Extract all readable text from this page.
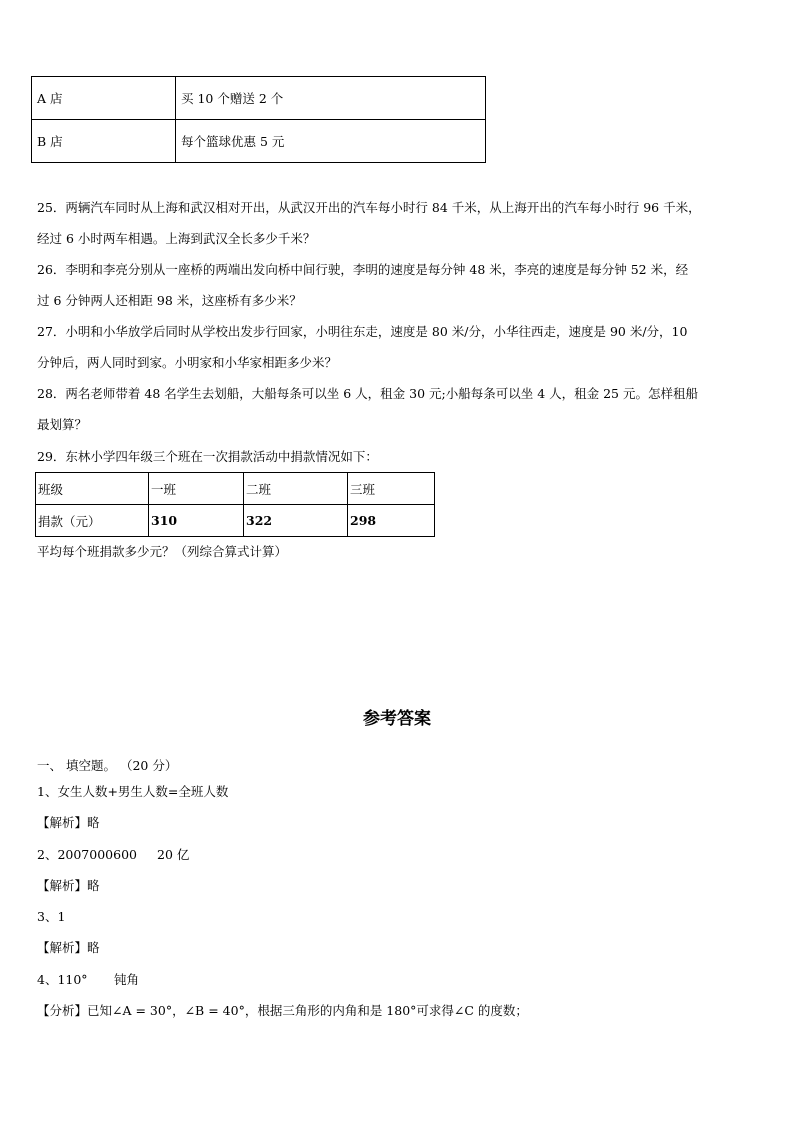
A 店	买 10 个赠送 2 个
B 店	每个篮球优惠 5 元
25．两辆汽车同时从上海和武汉相对开出，从武汉开出的汽车每小时行 84 千米，从上海开出的汽车每小时行 96 千米，
经过 6 小时两车相遇。上海到武汉全长多少千米？
26．李明和李亮分别从一座桥的两端出发向桥中间行驶，李明的速度是每分钟 48 米，李亮的速度是每分钟 52 米，经
过 6 分钟两人还相距 98 米，这座桥有多少米？
27．小明和小华放学后同时从学校出发步行回家，小明往东走，速度是 80 米/分，小华往西走，速度是 90 米/分，10
分钟后，两人同时到家。小明家和小华家相距多少米？
28．两名老师带着 48 名学生去划船，大船每条可以坐 6 人，租金 30 元;小船每条可以坐 4 人，租金 25 元。怎样租船
最划算？
29．东林小学四年级三个班在一次捐款活动中捐款情况如下：
班级	一班	二班	三班
捐款（元）	310	322	298
平均每个班捐款多少元？（列综合算式计算）
参考答案
一、 填空题。 （20 分）
1、女生人数+男生人数=全班人数
【解析】略
2、2007000600 20 亿
【解析】略
3、1
【解析】略
4、110° 钝角
【分析】已知∠A = 30°，∠B = 40°，根据三角形的内角和是 180°可求得∠C 的度数；
